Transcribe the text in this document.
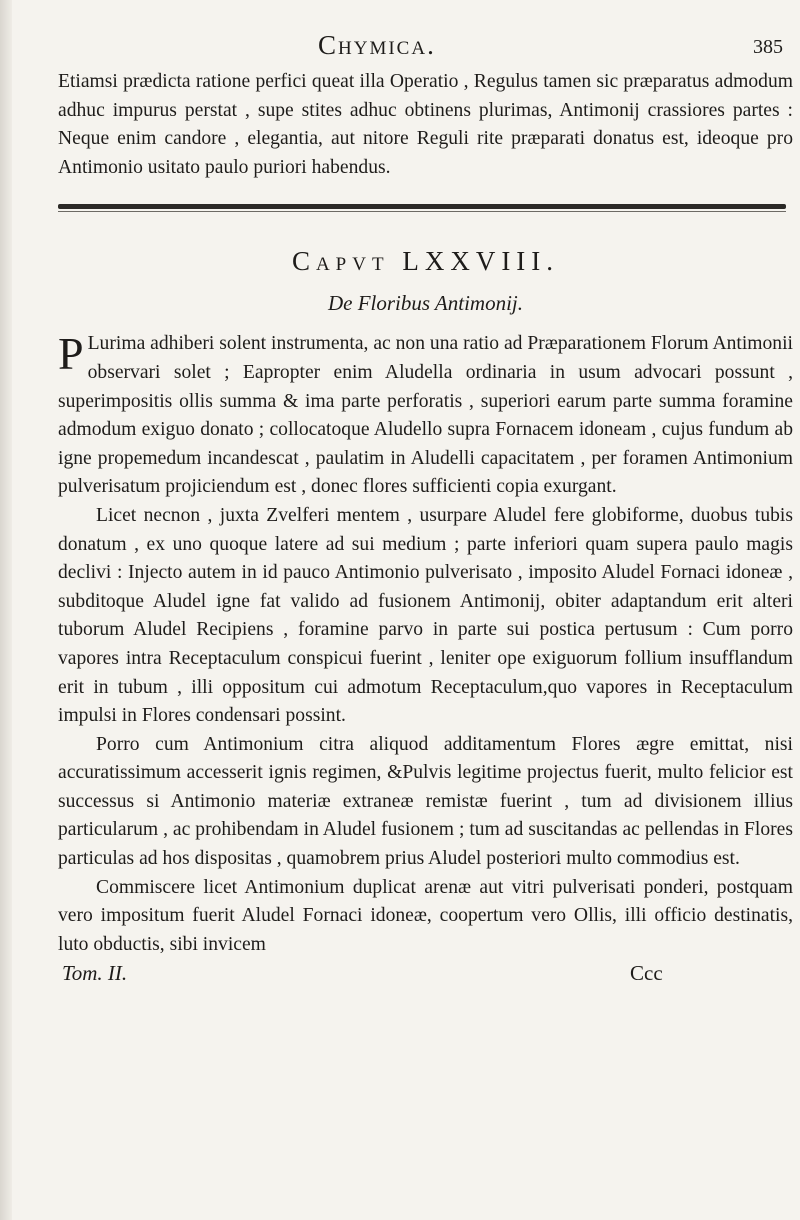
Chymica.	385

Etiamsi prædicta ratione perfici queat illa Operatio , Regulus tamen sic præparatus admodum adhuc impurus perstat , supe stites adhuc obtinens plurimas, Antimonij crassiores partes : Neque enim candore , elegantia, aut nitore Reguli rite præparati donatus est, ideoque pro Antimonio usitato paulo puriori habendus.

Capvt LXXVIII.
De Floribus Antimonij.

P Lurima adhiberi solent instrumenta, ac non una ratio ad Præparationem Florum Antimonii observari solet ; Eapropter enim Aludella ordinaria in usum advocari possunt , superimpositis ollis summa & ima parte perforatis , superiori earum parte summa foramine admodum exiguo donato ; collocatoque Aludello supra Fornacem idoneam , cujus fundum ab igne propemedum incandescat , paulatim in Aludelli capacitatem , per foramen Antimonium pulverisatum projiciendum est , donec flores sufficienti copia exurgant.

Licet necnon , juxta Zvelferi mentem , usurpare Aludel fere globiforme, duobus tubis donatum , ex uno quoque latere ad sui medium ; parte inferiori quam supera paulo magis declivi : Injecto autem in id pauco Antimonio pulverisato , imposito Aludel Fornaci idoneæ , subditoque Aludel igne fat valido ad fusionem Antimonij, obiter adaptandum erit alteri tuborum Aludel Recipiens , foramine parvo in parte sui postica pertusum : Cum porro vapores intra Receptaculum conspicui fuerint , leniter ope exiguorum follium insufflandum erit in tubum , illi oppositum cui admotum Receptaculum,quo vapores in Receptaculum impulsi in Flores condensari possint.

Porro cum Antimonium citra aliquod additamentum Flores ægre emittat, nisi accuratissimum accesserit ignis regimen, &Pulvis legitime projectus fuerit, multo felicior est successus si Antimonio materiæ extraneæ remistæ fuerint , tum ad divisionem illius particularum , ac prohibendam in Aludel fusionem ; tum ad suscitandas ac pellendas in Flores particulas ad hos dispositas , quamobrem prius Aludel posteriori multo commodius est.

Commiscere licet Antimonium duplicat arenæ aut vitri pulverisati ponderi, postquam vero impositum fuerit Aludel Fornaci idoneæ, coopertum vero Ollis, illi officio destinatis, luto obductis, sibi invicem

Tom. II.	Ccc
